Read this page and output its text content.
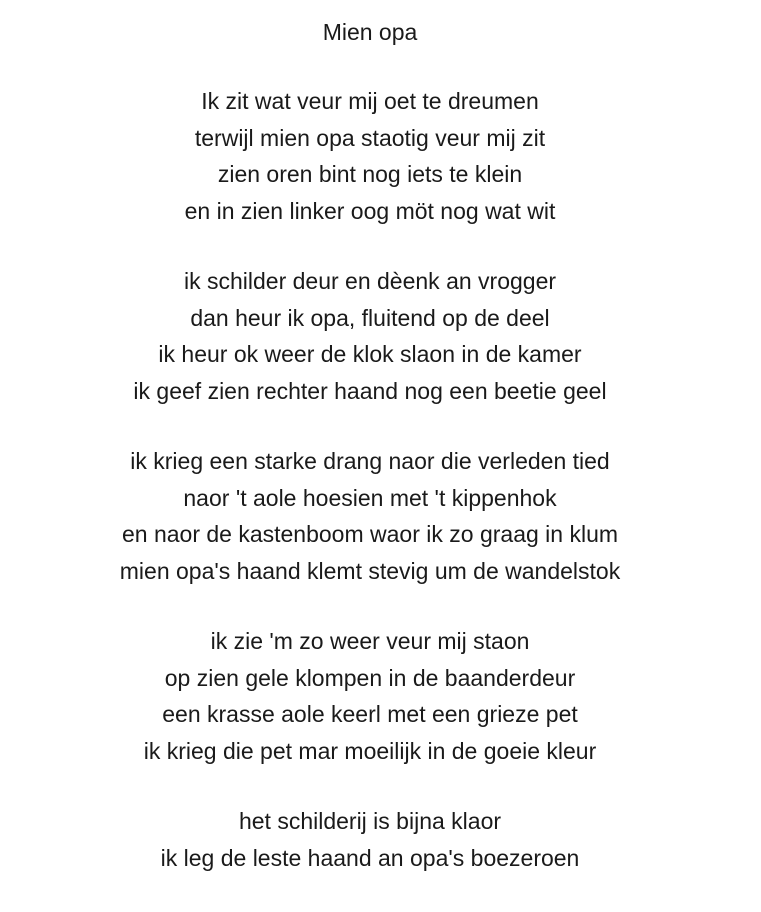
Mien opa
Ik zit wat veur mij oet te dreumen
terwijl mien opa staotig veur mij zit
zien oren bint nog iets te klein
en in zien linker oog möt nog wat wit
ik schilder deur en dèenk an vrogger
dan heur ik opa, fluitend op de deel
ik heur ok weer de klok slaon in de kamer
ik geef zien rechter haand nog een beetie geel
ik krieg een starke drang naor die verleden tied
naor 't aole hoesien met 't kippenhok
en naor de kastenboom waor ik zo graag in klum
mien opa's haand klemt stevig um de wandelstok
ik zie 'm zo weer veur mij staon
op zien gele klompen in de baanderdeur
een krasse aole keerl met een grieze pet
ik krieg die pet mar moeilijk in de goeie kleur
het schilderij is bijna klaor
ik leg de leste haand an opa's boezeroen
